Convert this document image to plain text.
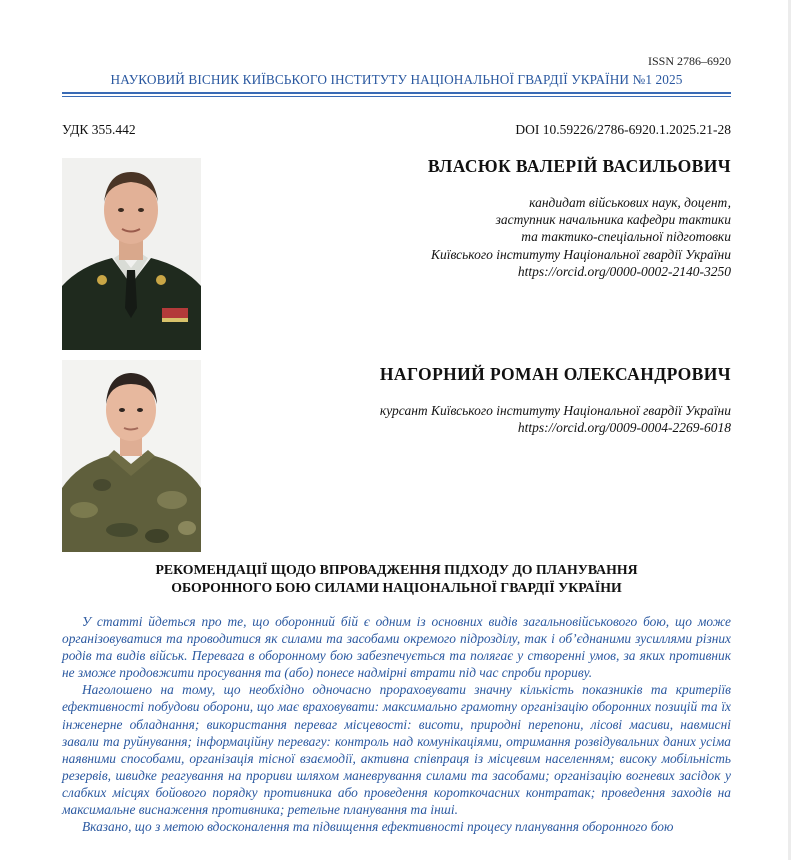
ISSN 2786–6920
НАУКОВИЙ ВІСНИК КИЇВСЬКОГО ІНСТИТУТУ НАЦІОНАЛЬНОЇ ГВАРДІЇ УКРАЇНИ №1 2025
УДК 355.442	DOI 10.59226/2786-6920.1.2025.21-28
ВЛАСЮК ВАЛЕРІЙ ВАСИЛЬОВИЧ
кандидат військових наук, доцент,
заступник начальника кафедри тактики
та тактико-спеціальної підготовки
Київського інституту Національної гвардії України
https://orcid.org/0000-0002-2140-3250
НАГОРНИЙ РОМАН ОЛЕКСАНДРОВИЧ
курсант Київського інституту Національної гвардії України
https://orcid.org/0009-0004-2269-6018
РЕКОМЕНДАЦІЇ ЩОДО ВПРОВАДЖЕННЯ ПІДХОДУ ДО ПЛАНУВАННЯ
ОБОРОННОГО БОЮ СИЛАМИ НАЦІОНАЛЬНОЇ ГВАРДІЇ УКРАЇНИ

У статті йдеться про те, що оборонний бій є одним із основних видів загальновійськового бою, що може організовуватися та проводитися як силами та засобами окремого підрозділу, так і об’єднаними зусиллями різних родів та видів військ. Перевага в оборонному бою забезпечується та полягає у створенні умов, за яких противник не зможе продовжити просування та (або) понесе надмірні втрати під час спроби прориву.

Наголошено на тому, що необхідно одночасно прораховувати значну кількість показників та критеріїв ефективності побудови оборони, що має враховувати: максимально грамотну організацію оборонних позицій та їх інженерне обладнання; використання переваг місцевості: висоти, природні перепони, лісові масиви, навмисні завали та руйнування; інформаційну перевагу: контроль над комунікаціями, отримання розвідувальних даних усіма наявними способами, організація тісної взаємодії, активна співпраця із місцевим населенням; високу мобільність резервів, швидке реагування на прориви шляхом маневрування силами та засобами; організацію вогневих засідок у слабких місцях бойового порядку противника або проведення короткочасних контратак; проведення заходів на максимальне виснаження противника; ретельне планування та інші.

Вказано, що з метою вдосконалення та підвищення ефективності процесу планування оборонного бою
